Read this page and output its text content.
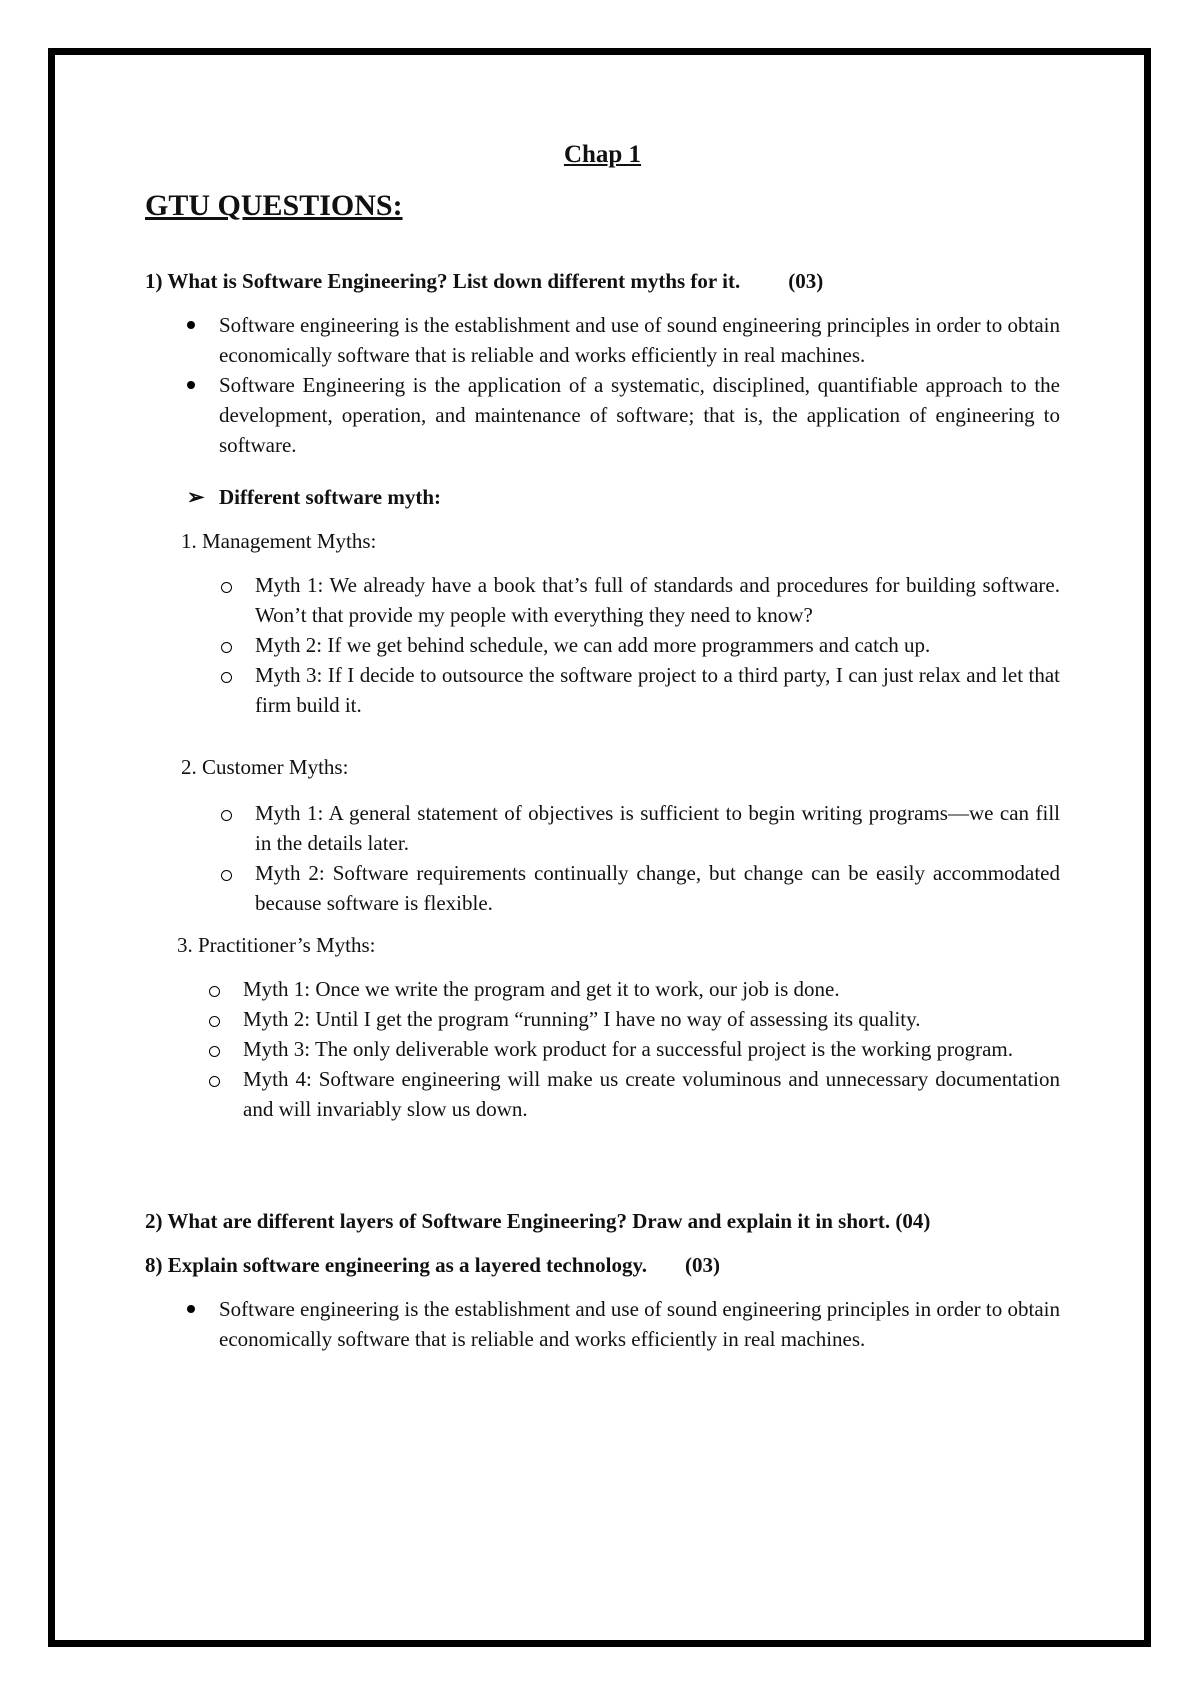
Chap 1

GTU QUESTIONS:

1) What is Software Engineering? List down different myths for it. (03)

Software engineering is the establishment and use of sound engineering principles in order to obtain economically software that is reliable and works efficiently in real machines.
Software Engineering is the application of a systematic, disciplined, quantifiable approach to the development, operation, and maintenance of software; that is, the application of engineering to software.

➢ Different software myth:

1. Management Myths:

Myth 1: We already have a book that’s full of standards and procedures for building software. Won’t that provide my people with everything they need to know?
Myth 2: If we get behind schedule, we can add more programmers and catch up.
Myth 3: If I decide to outsource the software project to a third party, I can just relax and let that firm build it.

2. Customer Myths:

Myth 1: A general statement of objectives is sufficient to begin writing programs—we can fill in the details later.
Myth 2: Software requirements continually change, but change can be easily accommodated because software is flexible.

3. Practitioner’s Myths:

Myth 1: Once we write the program and get it to work, our job is done.
Myth 2: Until I get the program “running” I have no way of assessing its quality.
Myth 3: The only deliverable work product for a successful project is the working program.
Myth 4: Software engineering will make us create voluminous and unnecessary documentation and will invariably slow us down.

2) What are different layers of Software Engineering? Draw and explain it in short. (04)

8) Explain software engineering as a layered technology. (03)

Software engineering is the establishment and use of sound engineering principles in order to obtain economically software that is reliable and works efficiently in real machines.
